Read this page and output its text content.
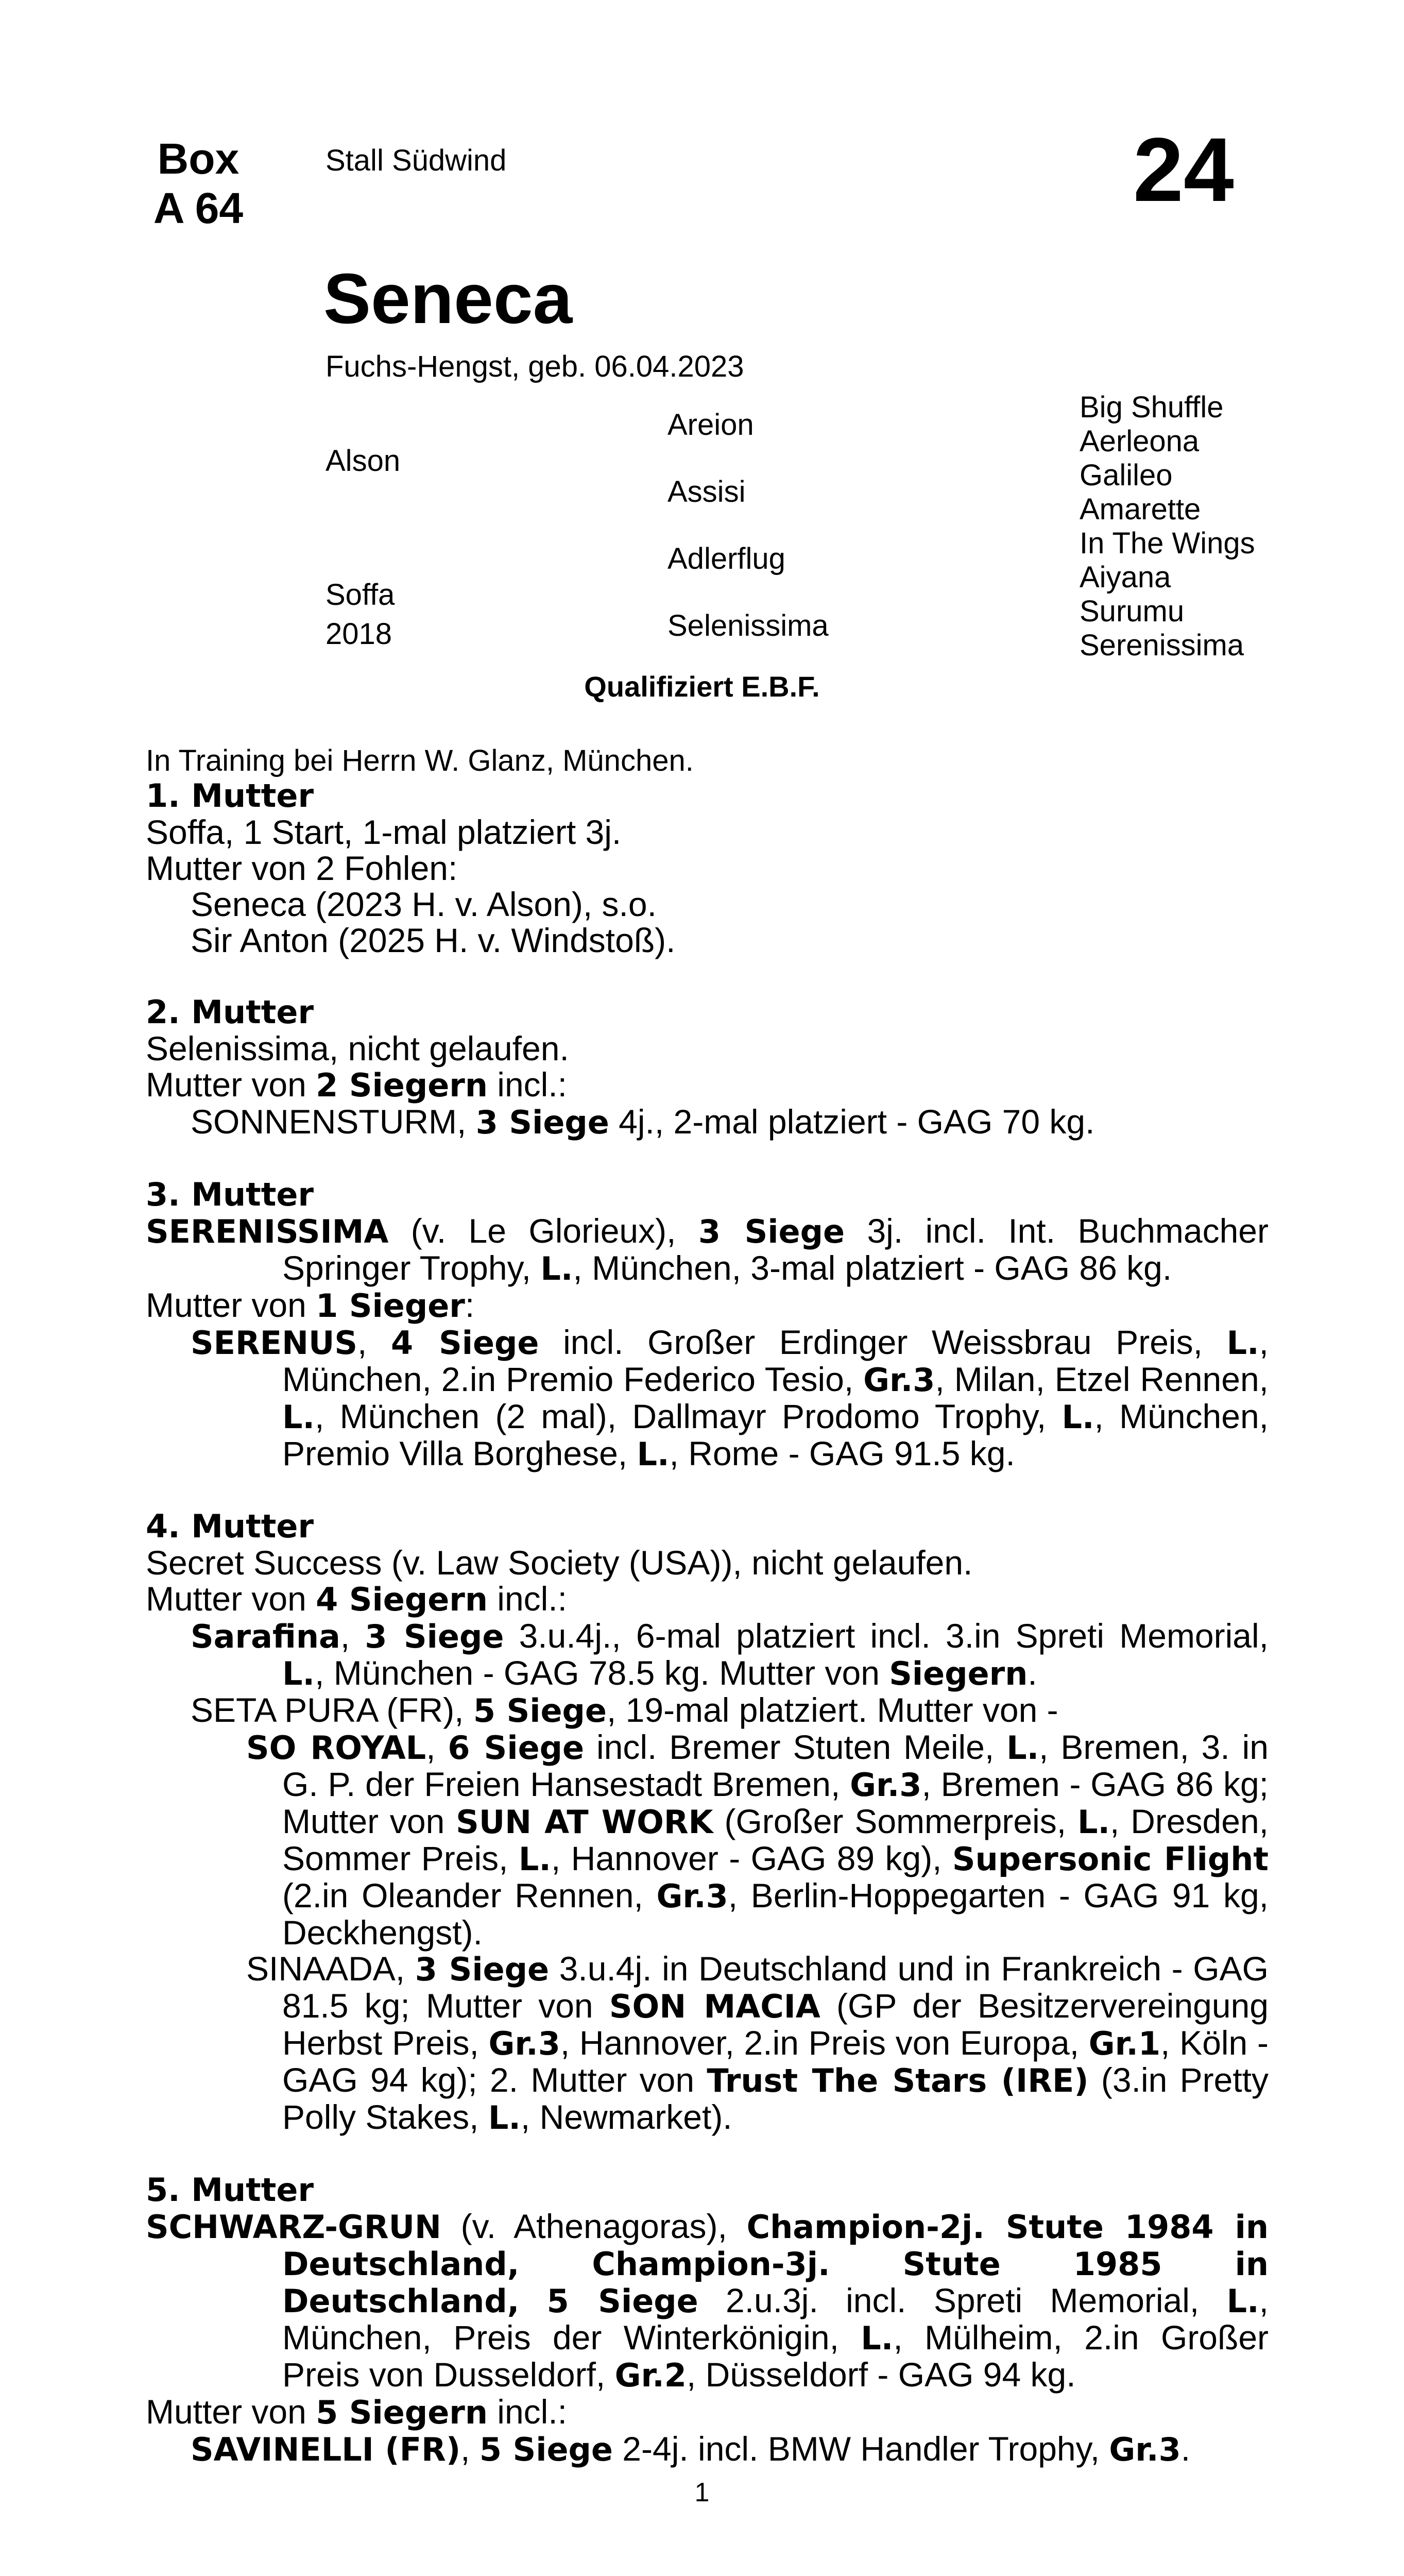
Box
A 64
Stall Südwind	24
Seneca
Fuchs-Hengst, geb. 06.04.2023
Alson
Soffa
2018
Areion
Assisi
Adlerflug
Selenissima
Big Shuffle
Aerleona
Galileo
Amarette
In The Wings
Aiyana
Surumu
Serenissima
Qualifiziert E.B.F.
In Training bei Herrn W. Glanz, München.

1. Mutter

Soffa, 1 Start, 1-mal platziert 3j.

Mutter von 2 Fohlen:

Seneca (2023 H. v. Alson), s.o.

Sir Anton (2025 H. v. Windstoß).

2. Mutter

Selenissima, nicht gelaufen.

Mutter von 2 Siegern incl.:

SONNENSTURM, 3 Siege 4j., 2-mal platziert - GAG 70 kg.

3. Mutter

SERENISSIMA (v. Le Glorieux), 3 Siege 3j. incl. Int. Buchmacher Springer Trophy, L., München, 3-mal platziert - GAG 86 kg.

Mutter von 1 Sieger:

SERENUS, 4 Siege incl. Großer Erdinger Weissbrau Preis, L., München, 2.in Premio Federico Tesio, Gr.3, Milan, Etzel Rennen, L., München (2 mal), Dallmayr Prodomo Trophy, L., München, Premio Villa Borghese, L., Rome - GAG 91.5 kg.

4. Mutter

Secret Success (v. Law Society (USA)), nicht gelaufen.

Mutter von 4 Siegern incl.:

Sarafina, 3 Siege 3.u.4j., 6-mal platziert incl. 3.in Spreti Memorial, L., München - GAG 78.5 kg. Mutter von Siegern.

SETA PURA (FR), 5 Siege, 19-mal platziert. Mutter von -

SO ROYAL, 6 Siege incl. Bremer Stuten Meile, L., Bremen, 3. in G. P. der Freien Hansestadt Bremen, Gr.3, Bremen - GAG 86 kg; Mutter von SUN AT WORK (Großer Sommerpreis, L., Dresden, Sommer Preis, L., Hannover - GAG 89 kg), Supersonic Flight (2.in Oleander Rennen, Gr.3, Berlin-Hoppegarten - GAG 91 kg, Deckhengst).

SINAADA, 3 Siege 3.u.4j. in Deutschland und in Frankreich - GAG 81.5 kg; Mutter von SON MACIA (GP der Besitzervereingung Herbst Preis, Gr.3, Hannover, 2.in Preis von Europa, Gr.1, Köln - GAG 94 kg); 2. Mutter von Trust The Stars (IRE) (3.in Pretty Polly Stakes, L., Newmarket).

5. Mutter

SCHWARZ-GRUN (v. Athenagoras), Champion-2j. Stute 1984 in Deutschland, Champion-3j. Stute 1985 in Deutschland, 5 Siege 2.u.3j. incl. Spreti Memorial, L., München, Preis der Winterkönigin, L., Mülheim, 2.in Großer Preis von Dusseldorf, Gr.2, Düsseldorf - GAG 94 kg.

Mutter von 5 Siegern incl.:

SAVINELLI (FR), 5 Siege 2-4j. incl. BMW Handler Trophy, Gr.3.

1
